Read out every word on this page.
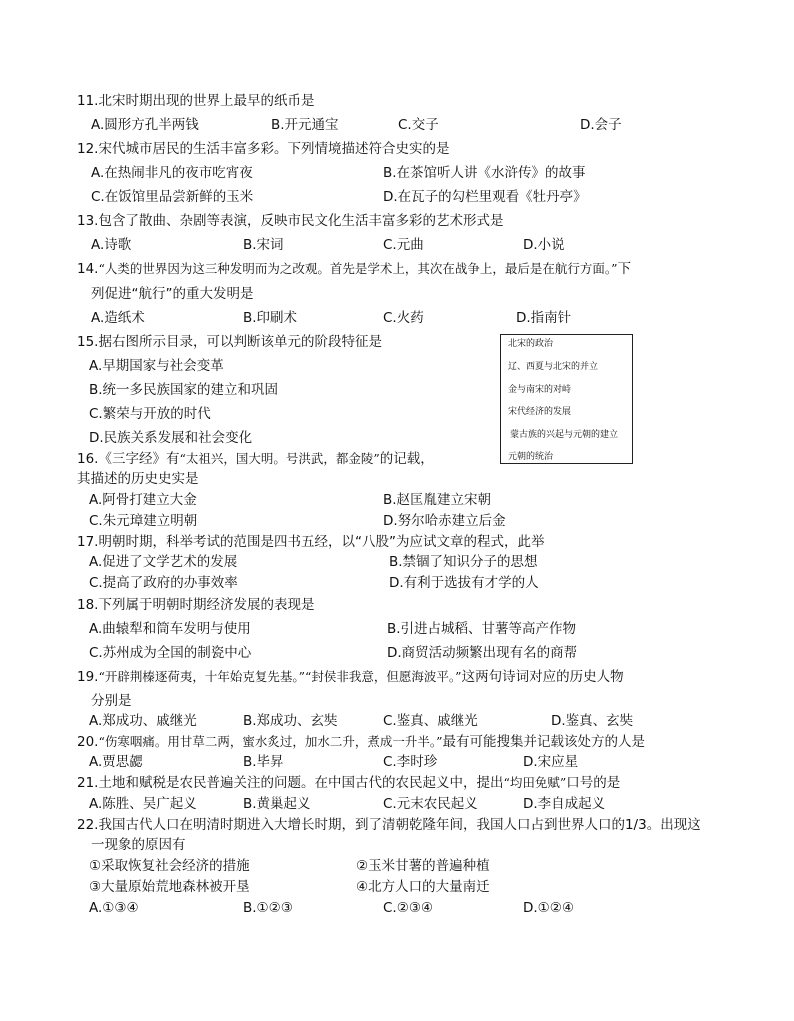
11.北宋时期出现的世界上最早的纸币是
A.圆形方孔半两钱	B.开元通宝	C.交子	D.会子
12.宋代城市居民的生活丰富多彩。下列情境描述符合史实的是
A.在热闹非凡的夜市吃宵夜	B.在茶馆听人讲《水浒传》的故事
C.在饭馆里品尝新鲜的玉米	D.在瓦子的勾栏里观看《牡丹亭》
13.包含了散曲、杂剧等表演，反映市民文化生活丰富多彩的艺术形式是
A.诗歌	B.宋词	C.元曲	D.小说
14.“人类的世界因为这三种发明而为之改观。首先是学术上，其次在战争上，最后是在航行方面。”下
列促进“航行”的重大发明是
A.造纸术	B.印刷术	C.火药	D.指南针
15.据右图所示目录，可以判断该单元的阶段特征是
A.早期国家与社会变革
B.统一多民族国家的建立和巩固
C.繁荣与开放的时代
D.民族关系发展和社会变化
北宋的政治
辽、西夏与北宋的并立
金与南宋的对峙
宋代经济的发展
蒙古族的兴起与元朝的建立
元朝的统治
16.《三字经》有“太祖兴，国大明。号洪武，都金陵”的记载，
其描述的历史史实是
A.阿骨打建立大金	B.赵匡胤建立宋朝
C.朱元璋建立明朝	D.努尔哈赤建立后金
17.明朝时期，科举考试的范围是四书五经，以“八股”为应试文章的程式，此举
A.促进了文学艺术的发展	B.禁锢了知识分子的思想
C.提高了政府的办事效率	D.有利于选拔有才学的人
18.下列属于明朝时期经济发展的表现是
A.曲辕犁和筒车发明与使用	B.引进占城稻、甘薯等高产作物
C.苏州成为全国的制瓷中心	D.商贸活动频繁出现有名的商帮
19.“开辟荆榛逐荷夷，十年始克复先基。”“封侯非我意，但愿海波平。”这两句诗词对应的历史人物
分别是
A.郑成功、戚继光	B.郑成功、玄奘	C.鉴真、戚继光	D.鉴真、玄奘
20.“伤寒咽痛。用甘草二两，蜜水炙过，加水二升，煮成一升半。”最有可能搜集并记载该处方的人是
A.贾思勰	B.毕昇	C.李时珍	D.宋应星
21.土地和赋税是农民普遍关注的问题。在中国古代的农民起义中，提出“均田免赋”口号的是
A.陈胜、吴广起义	B.黄巢起义	C.元末农民起义	D.李自成起义
22.我国古代人口在明清时期进入大增长时期，到了清朝乾隆年间，我国人口占到世界人口的1/3。出现这
一现象的原因有
①采取恢复社会经济的措施	②玉米甘薯的普遍种植
③大量原始荒地森林被开垦	④北方人口的大量南迁
A.①③④	B.①②③	C.②③④	D.①②④
